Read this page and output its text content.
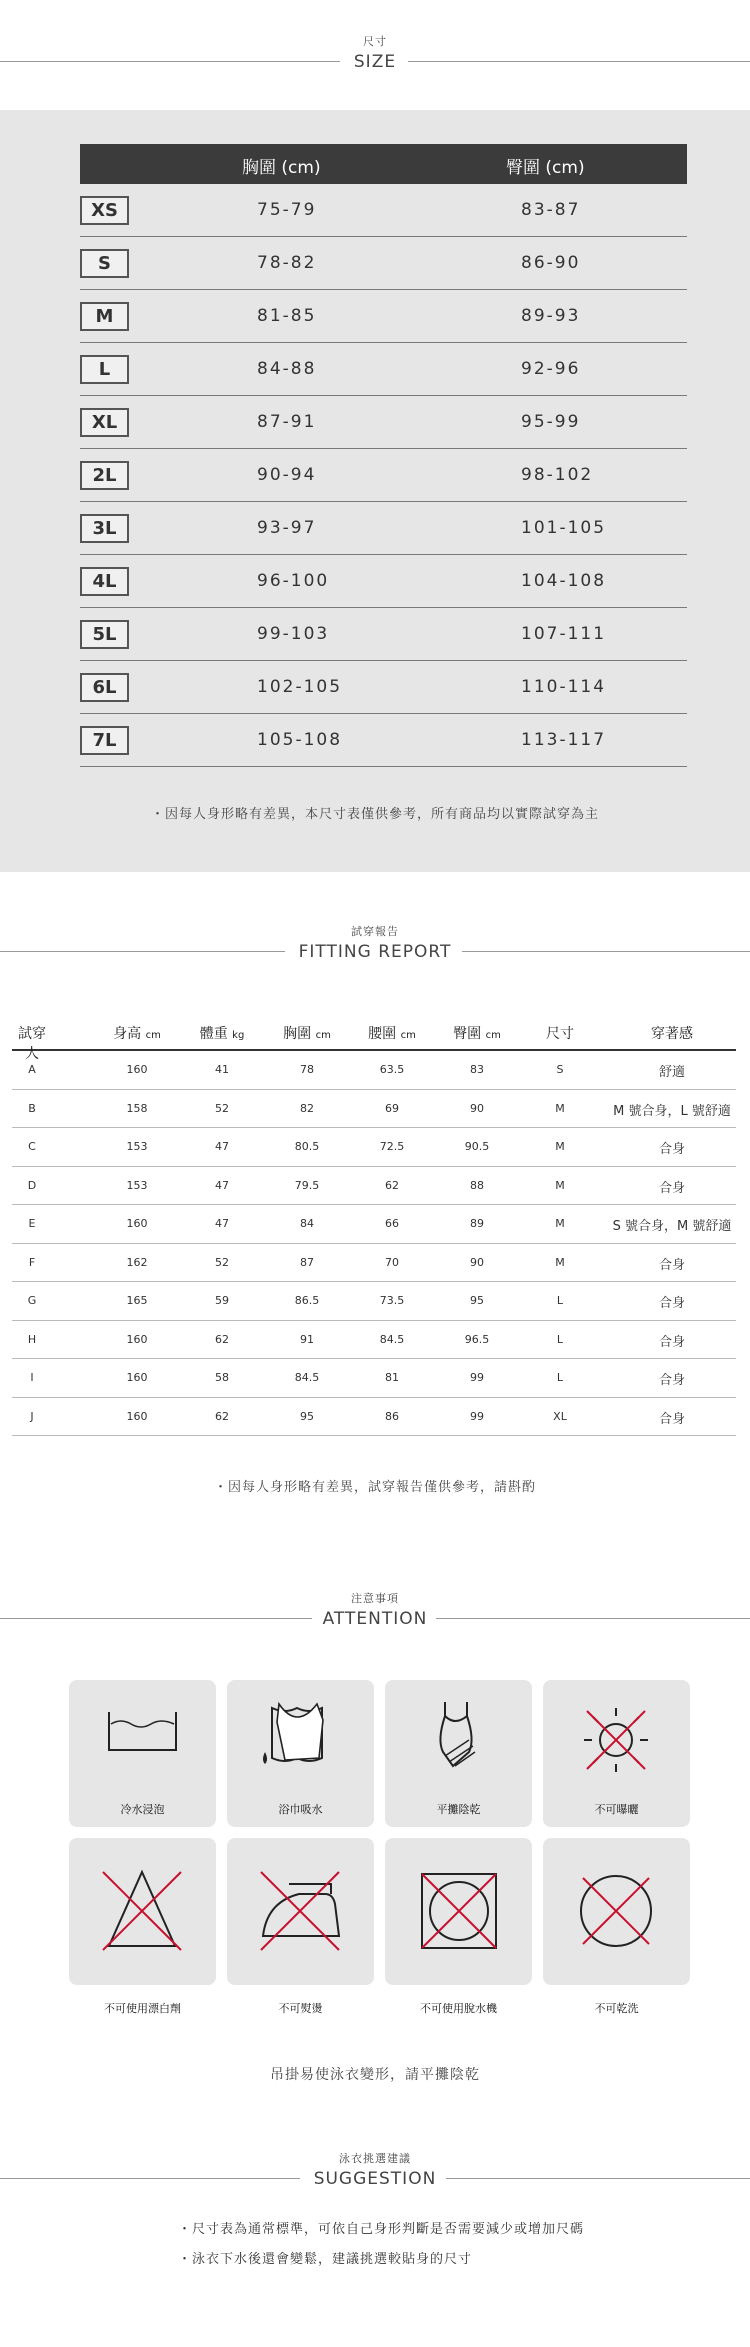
尺寸
SIZE
胸圍 (cm)	臀圍 (cm)
XS	75-79	83-87
S	78-82	86-90
M	81-85	89-93
L	84-88	92-96
XL	87-91	95-99
2L	90-94	98-102
3L	93-97	101-105
4L	96-100	104-108
5L	99-103	107-111
6L	102-105	110-114
7L	105-108	113-117
・因每人身形略有差異，本尺寸表僅供參考，所有商品均以實際試穿為主
試穿報告
FITTING REPORT
試穿人
身高 cm	體重 kg	胸圍 cm	腰圍 cm	臀圍 cm	尺寸	穿著感
A	160	41	78	63.5	83	S	舒適
B	158	52	82	69	90	M	M 號合身，L 號舒適
C	153	47	80.5	72.5	90.5	M	合身
D	153	47	79.5	62	88	M	合身
E	160	47	84	66	89	M	S 號合身，M 號舒適
F	162	52	87	70	90	M	合身
G	165	59	86.5	73.5	95	L	合身
H	160	62	91	84.5	96.5	L	合身
I	160	58	84.5	81	99	L	合身
J	160	62	95	86	99	XL	合身
・因每人身形略有差異，試穿報告僅供參考，請斟酌
注意事項
ATTENTION
冷水浸泡	浴巾吸水	平攤陰乾	不可曝曬
不可使用漂白劑	不可熨燙	不可使用脫水機	不可乾洗
吊掛易使泳衣變形，請平攤陰乾
泳衣挑選建議
SUGGESTION
・尺寸表為通常標準，可依自己身形判斷是否需要減少或增加尺碼
・泳衣下水後還會變鬆，建議挑選較貼身的尺寸
